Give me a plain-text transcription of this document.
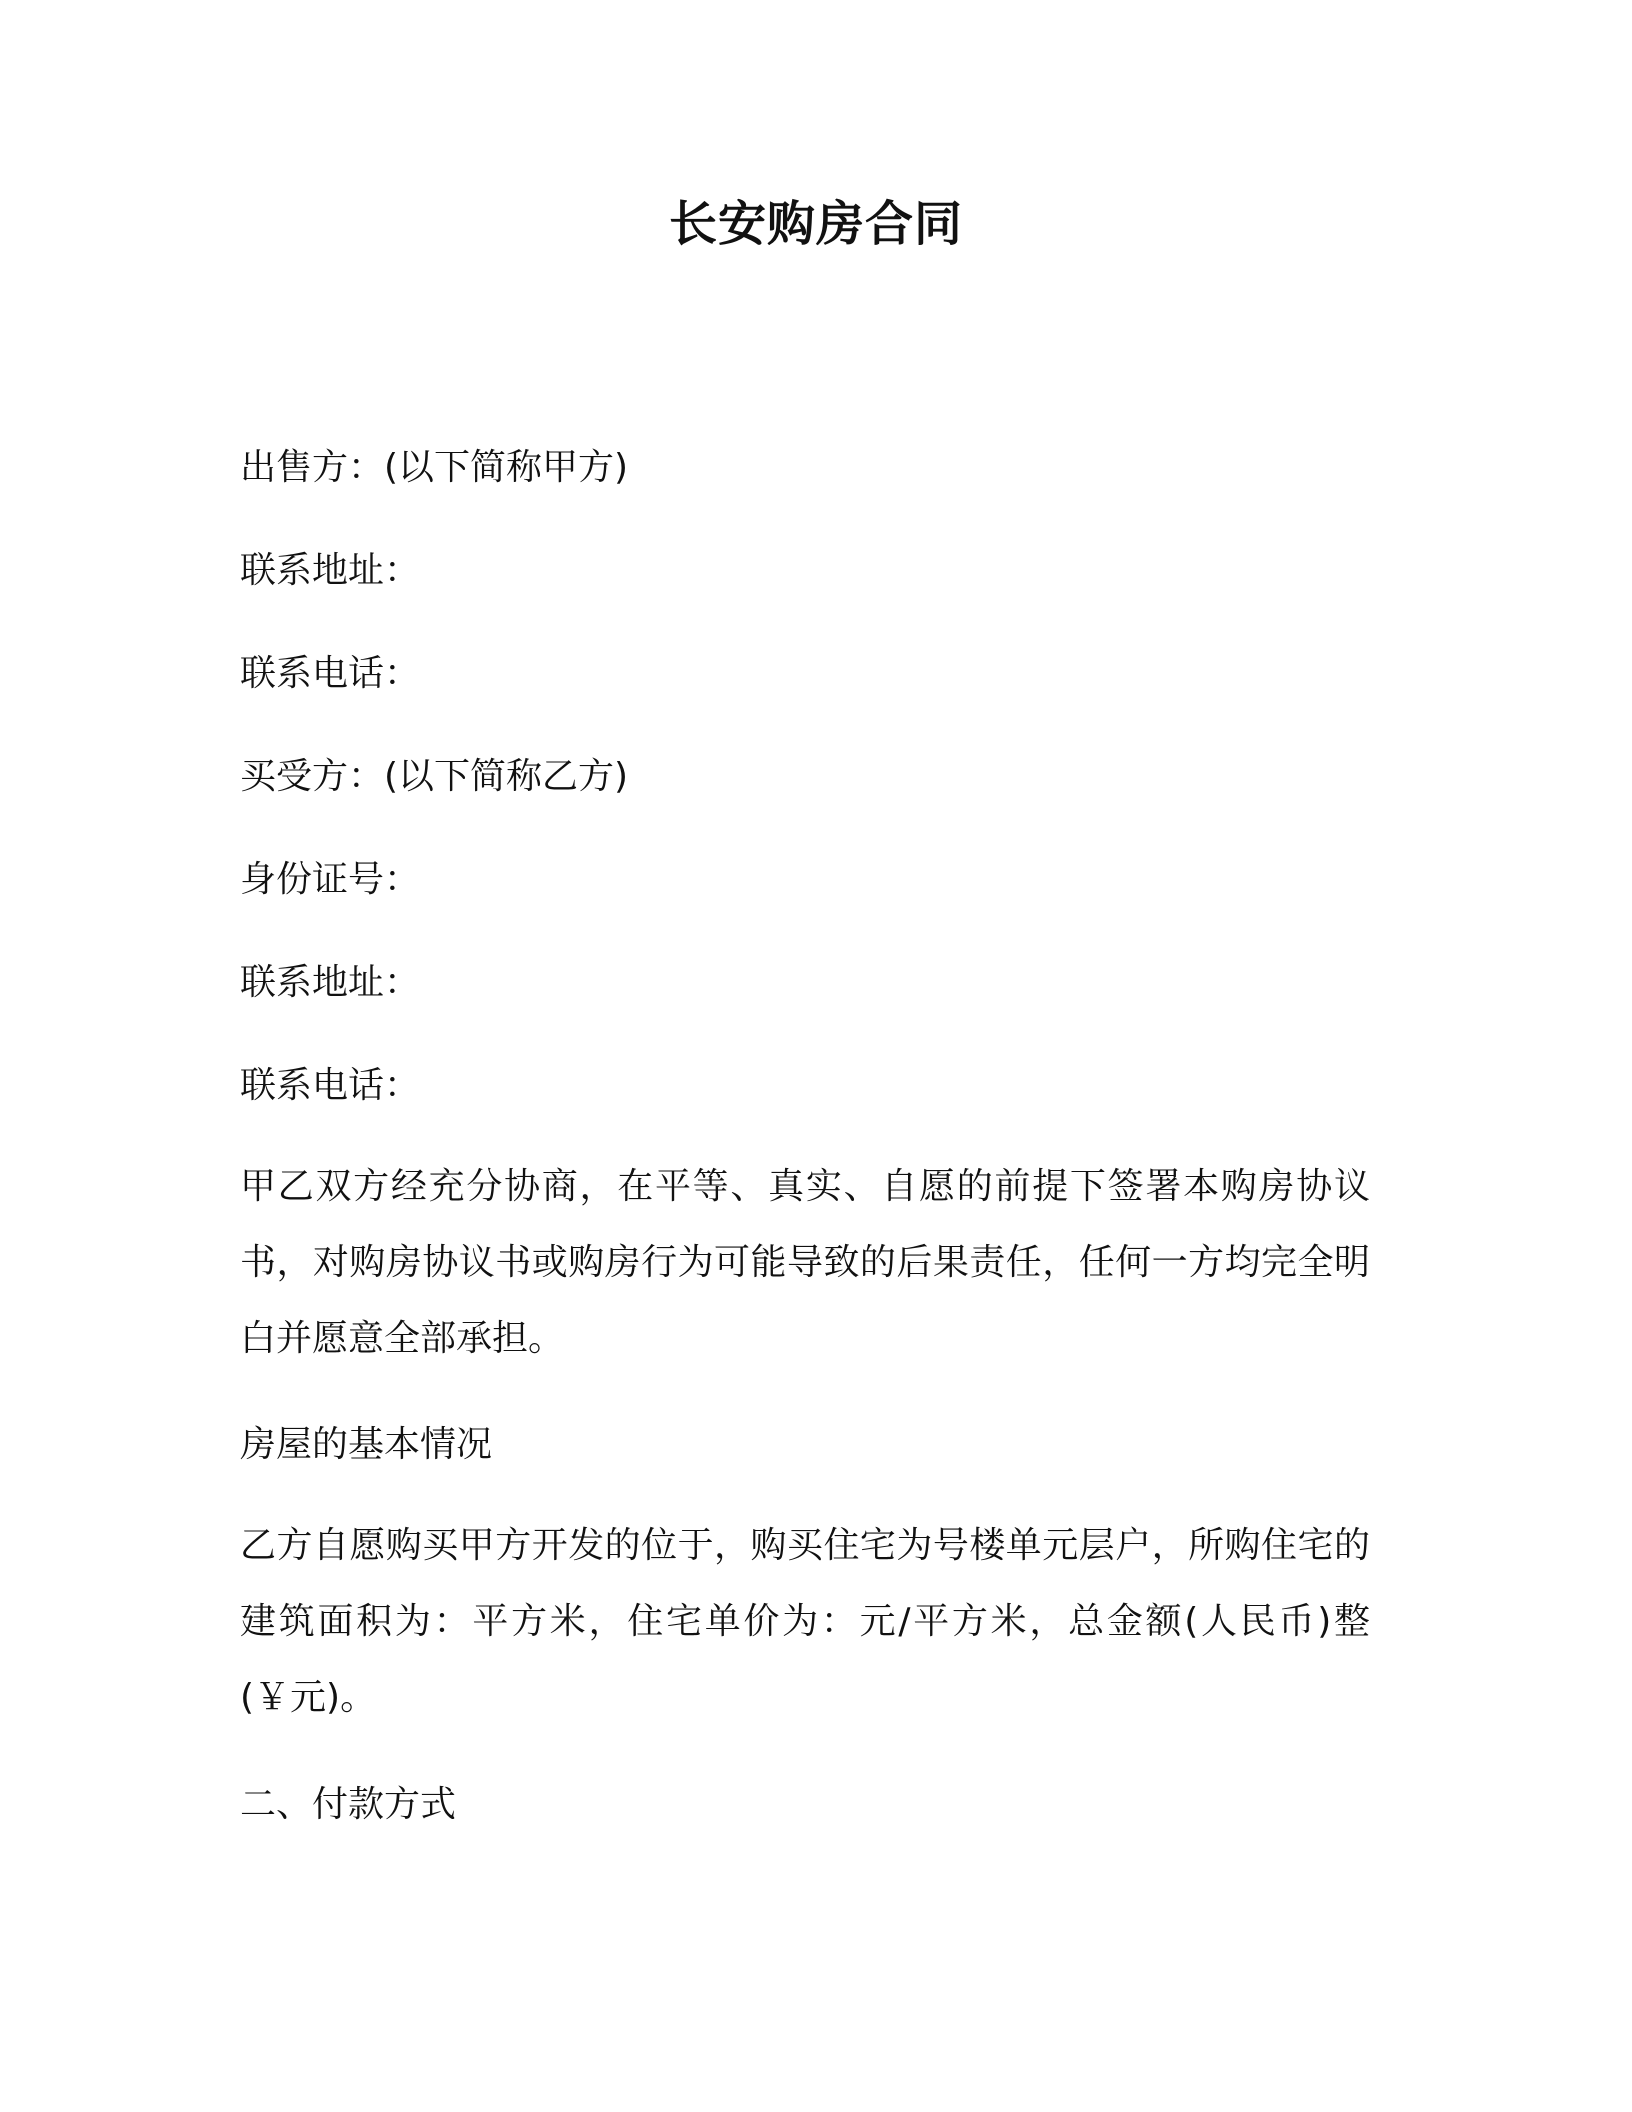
长安购房合同
出售方：(以下简称甲方)
联系地址：
联系电话：
买受方：(以下简称乙方)
身份证号：
联系地址：
联系电话：
甲乙双方经充分协商，在平等、真实、自愿的前提下签署本购房协议书，对购房协议书或购房行为可能导致的后果责任，任何一方均完全明白并愿意全部承担。
房屋的基本情况
乙方自愿购买甲方开发的位于，购买住宅为号楼单元层户，所购住宅的建筑面积为：平方米，住宅单价为：元/平方米，总金额(人民币)整(￥元)。
二、付款方式
